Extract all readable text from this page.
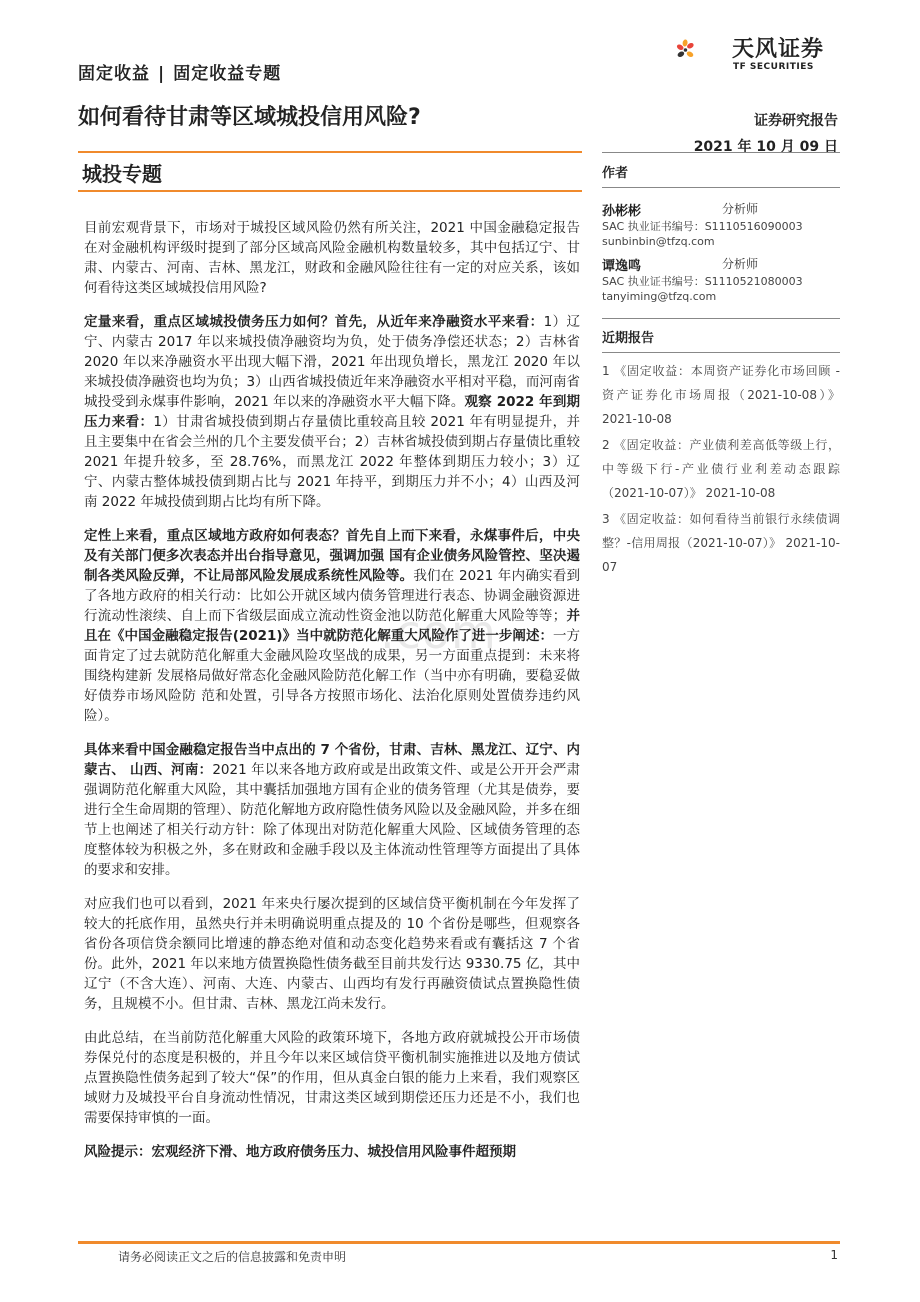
固定收益 | 固定收益专题
天风证券
TF SECURITIES
如何看待甘肃等区域城投信用风险?	证券研究报告
2021 年 10 月 09 日
城投专题
.com

目前宏观背景下，市场对于城投区域风险仍然有所关注，2021 中国金融稳定报告在对金融机构评级时提到了部分区域高风险金融机构数量较多，其中包括辽宁、甘肃、内蒙古、河南、吉林、黑龙江，财政和金融风险往往有一定的对应关系，该如何看待这类区域城投信用风险?

定量来看，重点区域城投债务压力如何？首先，从近年来净融资水平来看：1）辽宁、内蒙古 2017 年以来城投债净融资均为负，处于债务净偿还状态；2）吉林省 2020 年以来净融资水平出现大幅下滑，2021 年出现负增长，黑龙江 2020 年以来城投债净融资也均为负；3）山西省城投债近年来净融资水平相对平稳，而河南省城投受到永煤事件影响，2021 年以来的净融资水平大幅下降。观察 2022 年到期压力来看：1）甘肃省城投债到期占存量债比重较高且较 2021 年有明显提升，并且主要集中在省会兰州的几个主要发债平台；2）吉林省城投债到期占存量债比重较 2021 年提升较多，至 28.76%，而黑龙江 2022 年整体到期压力较小；3）辽宁、内蒙古整体城投债到期占比与 2021 年持平，到期压力并不小；4）山西及河南 2022 年城投债到期占比均有所下降。

定性上来看，重点区域地方政府如何表态？首先自上而下来看，永煤事件后，中央及有关部门便多次表态并出台指导意见，强调加强 国有企业债务风险管控、坚决遏制各类风险反弹，不让局部风险发展成系统性风险等。我们在 2021 年内确实看到了各地方政府的相关行动：比如公开就区域内债务管理进行表态、协调金融资源进行流动性滚续、自上而下省级层面成立流动性资金池以防范化解重大风险等等；并且在《中国金融稳定报告(2021)》当中就防范化解重大风险作了进一步阐述：一方面肯定了过去就防范化解重大金融风险攻坚战的成果，另一方面重点提到：未来将围绕构建新 发展格局做好常态化金融风险防范化解工作（当中亦有明确，要稳妥做好债券市场风险防 范和处置，引导各方按照市场化、法治化原则处置债券违约风险）。

具体来看中国金融稳定报告当中点出的 7 个省份，甘肃、吉林、黑龙江、辽宁、内蒙古、 山西、河南：2021 年以来各地方政府或是出政策文件、或是公开开会严肃强调防范化解重大风险，其中囊括加强地方国有企业的债务管理（尤其是债券，要进行全生命周期的管理）、防范化解地方政府隐性债务风险以及金融风险，并多在细节上也阐述了相关行动方针：除了体现出对防范化解重大风险、区域债务管理的态度整体较为积极之外，多在财政和金融手段以及主体流动性管理等方面提出了具体的要求和安排。

对应我们也可以看到，2021 年来央行屡次提到的区域信贷平衡机制在今年发挥了较大的托底作用，虽然央行并未明确说明重点提及的 10 个省份是哪些，但观察各省份各项信贷余额同比增速的静态绝对值和动态变化趋势来看或有囊括这 7 个省份。此外，2021 年以来地方债置换隐性债务截至目前共发行达 9330.75 亿，其中辽宁（不含大连）、河南、大连、内蒙古、山西均有发行再融资债试点置换隐性债务，且规模不小。但甘肃、吉林、黑龙江尚未发行。

由此总结，在当前防范化解重大风险的政策环境下，各地方政府就城投公开市场债券保兑付的态度是积极的，并且今年以来区域信贷平衡机制实施推进以及地方债试点置换隐性债务起到了较大“保”的作用，但从真金白银的能力上来看，我们观察区域财力及城投平台自身流动性情况，甘肃这类区域到期偿还压力还是不小，我们也需要保持审慎的一面。

风险提示：宏观经济下滑、地方政府债务压力、城投信用风险事件超预期

作者
孙彬彬	分析师
SAC 执业证书编号：S1110516090003
sunbinbin@tfzq.com
谭逸鸣	分析师
SAC 执业证书编号：S1110521080003
tanyiming@tfzq.com
近期报告

1 《固定收益：本周资产证券化市场回顾 - 资产证券化市场周报（2021-10-08）》 2021-10-08

2 《固定收益：产业债利差高低等级上行，中等级下行-产业债行业利差动态跟踪（2021-10-07）》 2021-10-08

3 《固定收益：如何看待当前银行永续债调整？-信用周报（2021-10-07）》 2021-10-07

请务必阅读正文之后的信息披露和免责申明	1
